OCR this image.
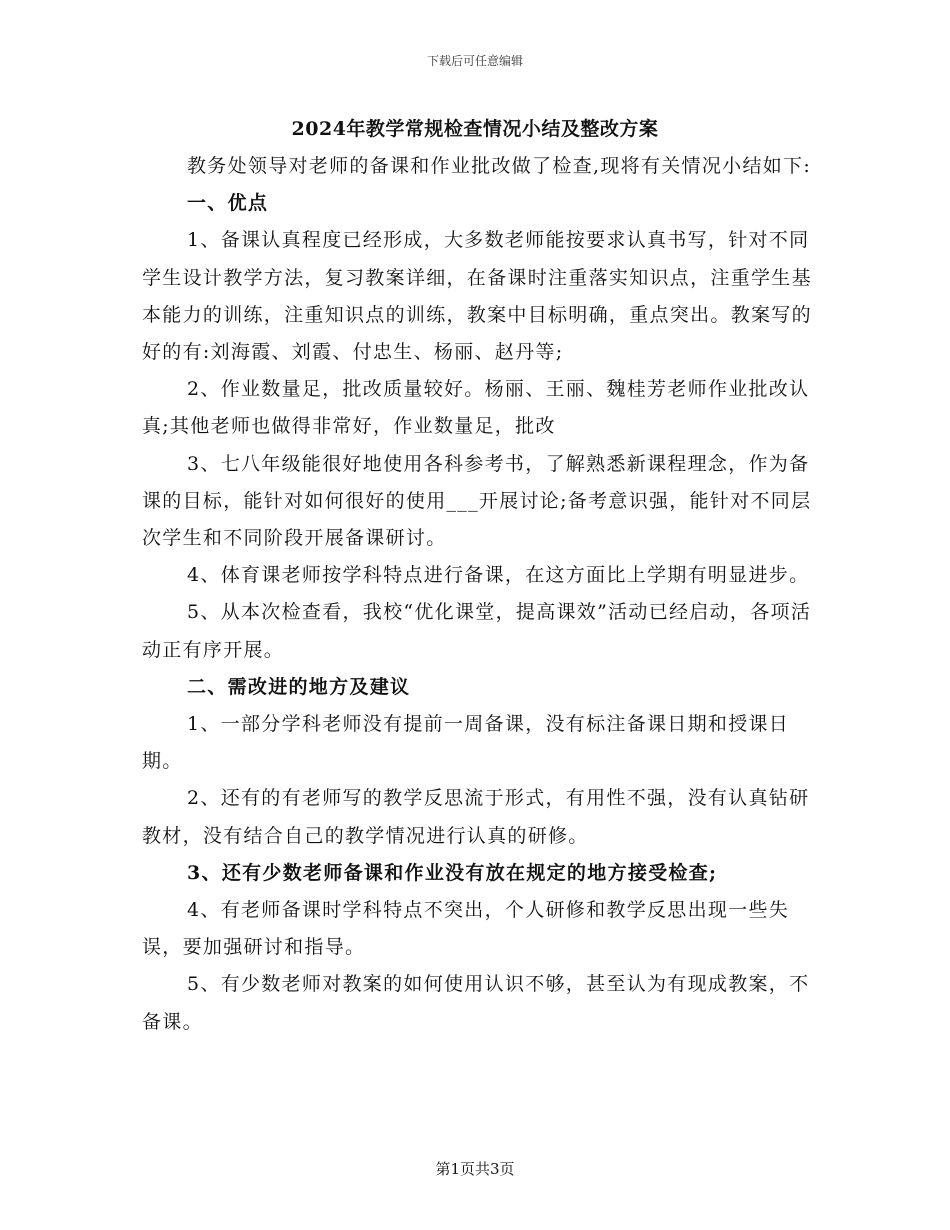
下载后可任意编辑
2024年教学常规检查情况小结及整改方案

教务处领导对老师的备课和作业批改做了检查,现将有关情况小结如下:

一、优点

1、备课认真程度已经形成，大多数老师能按要求认真书写，针对不同学生设计教学方法，复习教案详细，在备课时注重落实知识点，注重学生基本能力的训练，注重知识点的训练，教案中目标明确，重点突出。教案写的好的有:刘海霞、刘霞、付忠生、杨丽、赵丹等;

2、作业数量足，批改质量较好。杨丽、王丽、魏桂芳老师作业批改认真;其他老师也做得非常好，作业数量足，批改

3、七八年级能很好地使用各科参考书，了解熟悉新课程理念，作为备课的目标，能针对如何很好的使用___开展讨论;备考意识强，能针对不同层次学生和不同阶段开展备课研讨。

4、体育课老师按学科特点进行备课，在这方面比上学期有明显进步。

5、从本次检查看，我校“优化课堂，提高课效”活动已经启动，各项活动正有序开展。

二、需改进的地方及建议

1、一部分学科老师没有提前一周备课，没有标注备课日期和授课日期。

2、还有的有老师写的教学反思流于形式，有用性不强，没有认真钻研教材，没有结合自己的教学情况进行认真的研修。

3、还有少数老师备课和作业没有放在规定的地方接受检查;

4、有老师备课时学科特点不突出，个人研修和教学反思出现一些失误，要加强研讨和指导。

5、有少数老师对教案的如何使用认识不够，甚至认为有现成教案，不备课。

第1页共3页
